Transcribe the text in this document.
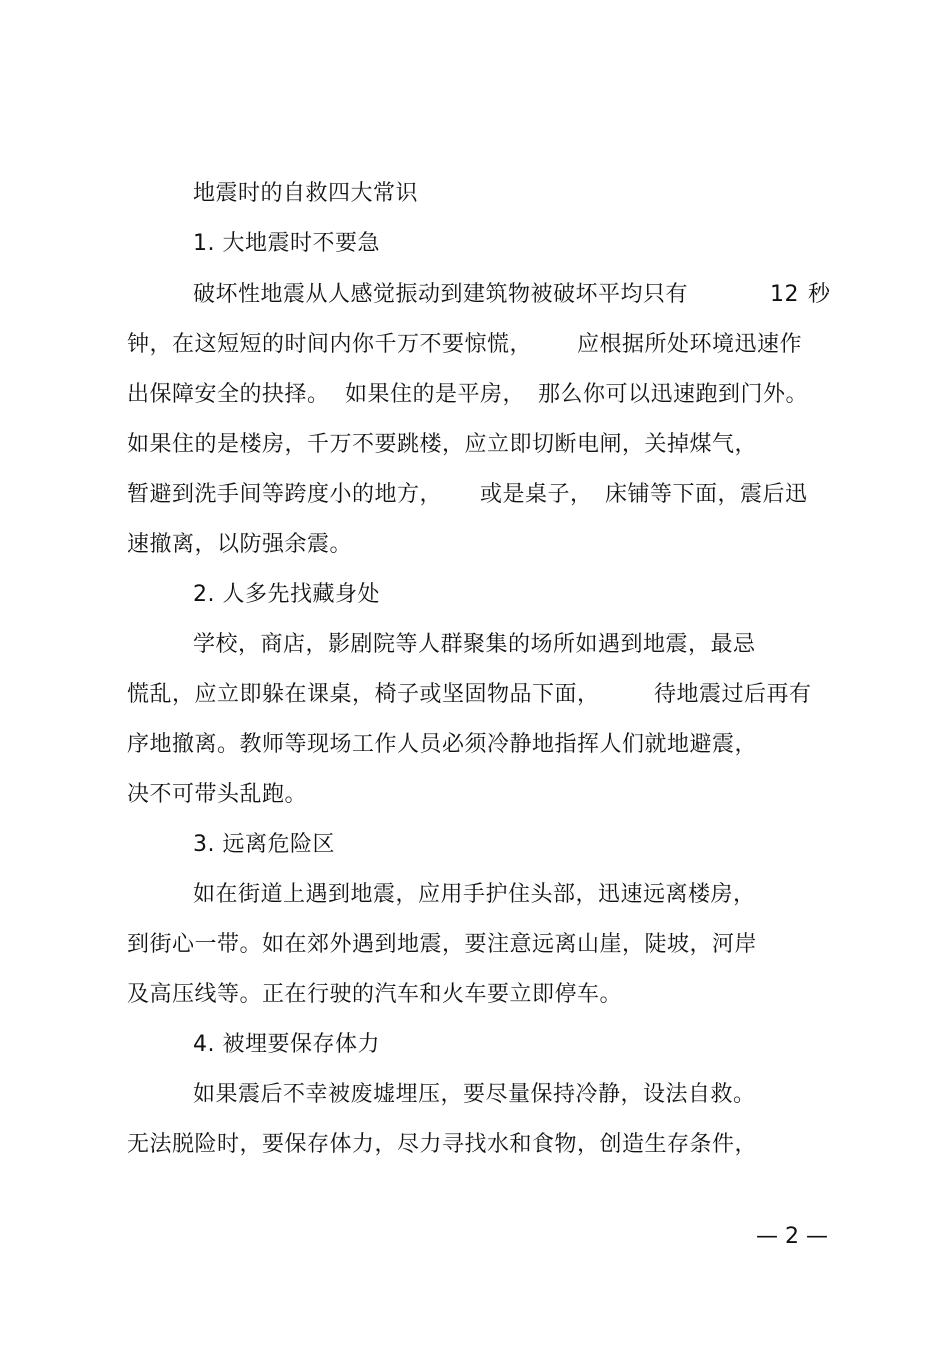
地震时的自救四大常识
1. 大地震时不要急
破坏性地震从人感觉振动到建筑物被破坏平均只有	12 秒
钟，在这短短的时间内你千万不要惊慌， 应根据所处环境迅速作
出保障安全的抉择。 如果住的是平房， 那么你可以迅速跑到门外。
如果住的是楼房，千万不要跳楼，应立即切断电闸，关掉煤气，
暂避到洗手间等跨度小的地方， 或是桌子， 床铺等下面，震后迅
速撤离，以防强余震。
2. 人多先找藏身处
学校，商店，影剧院等人群聚集的场所如遇到地震，最忌
慌乱，应立即躲在课桌，椅子或坚固物品下面， 待地震过后再有
序地撤离。教师等现场工作人员必须冷静地指挥人们就地避震，
决不可带头乱跑。
3. 远离危险区
如在街道上遇到地震，应用手护住头部，迅速远离楼房，
到街心一带。如在郊外遇到地震，要注意远离山崖，陡坡，河岸
及高压线等。正在行驶的汽车和火车要立即停车。
4. 被埋要保存体力
如果震后不幸被废墟埋压，要尽量保持冷静，设法自救。
无法脱险时，要保存体力，尽力寻找水和食物，创造生存条件，
— 2 —
